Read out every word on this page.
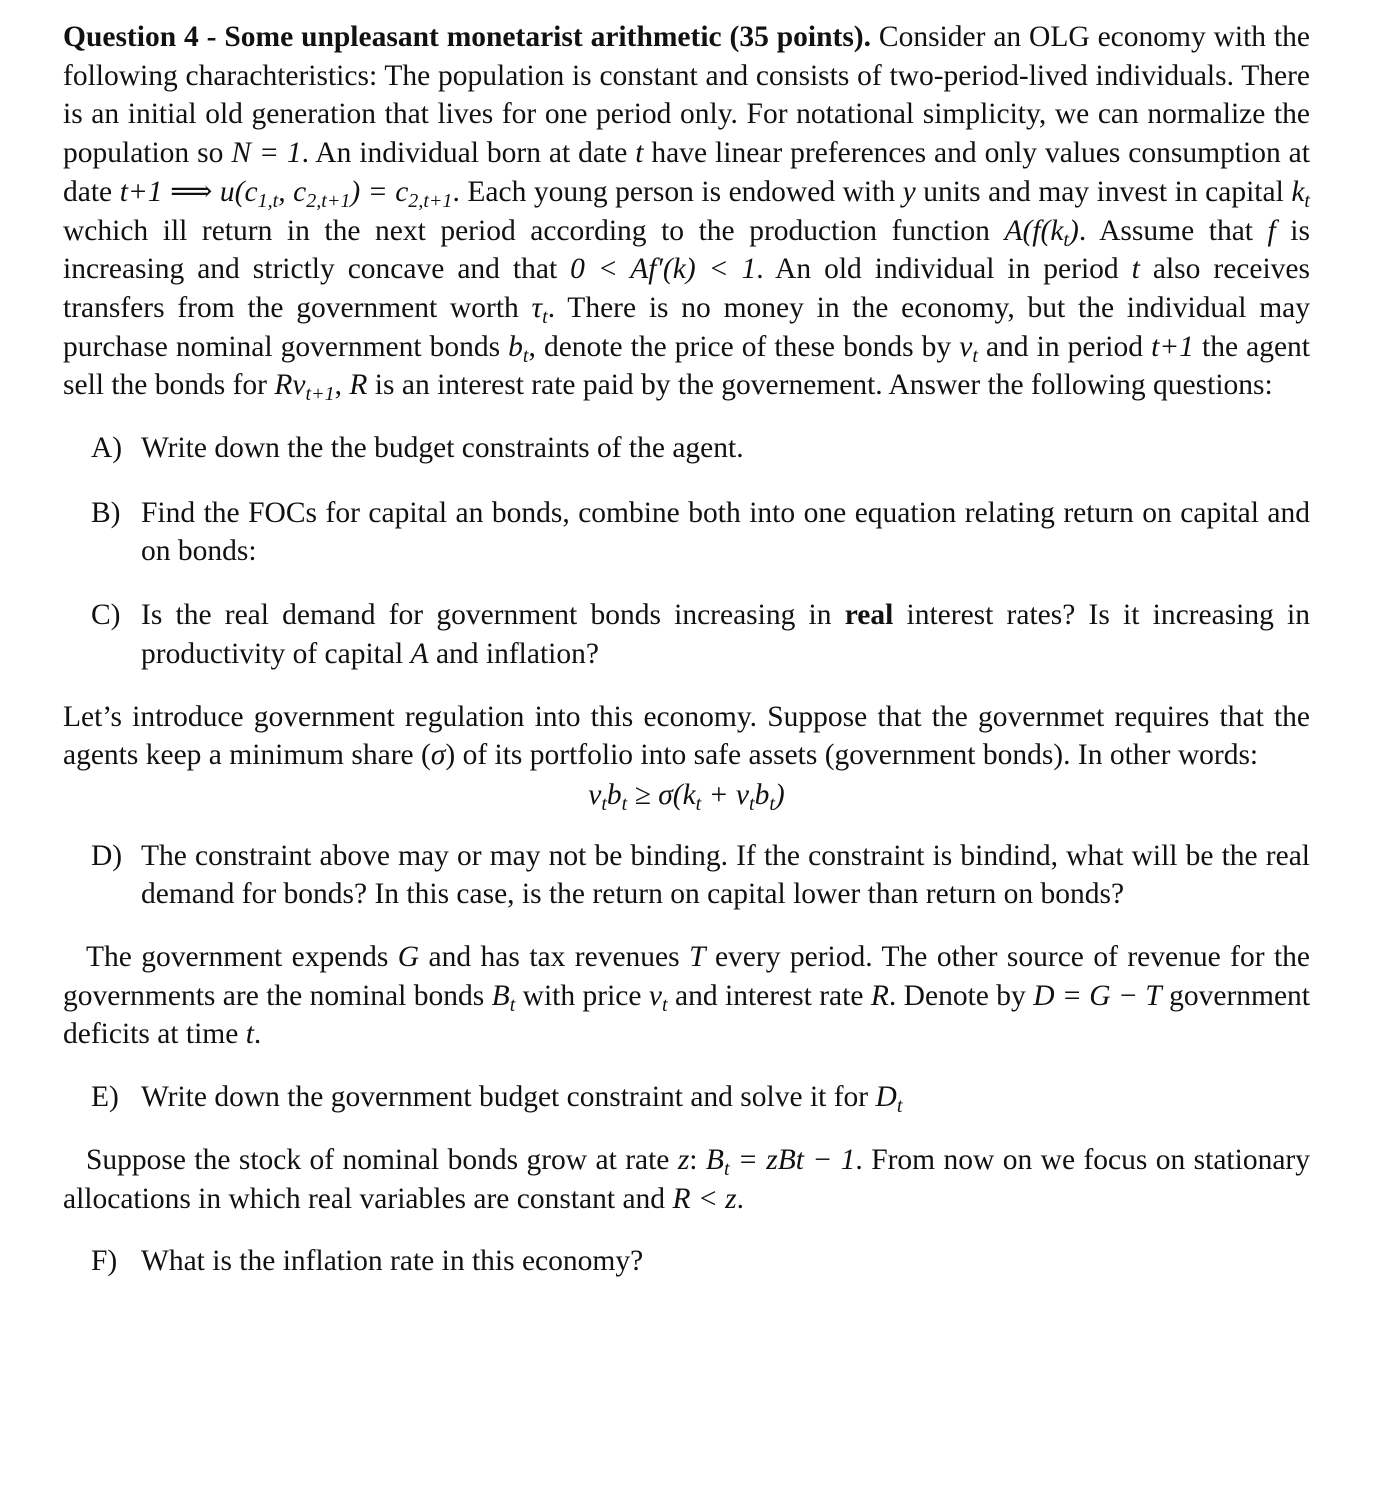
Question 4 - Some unpleasant monetarist arithmetic (35 points). Consider an OLG economy with the following charachteristics: The population is constant and consists of two-period-lived individuals. There is an initial old generation that lives for one period only. For notational simplicity, we can normalize the population so N = 1. An individual born at date t have linear preferences and only values consumption at date t+1 ⟹ $u(c_{1,t}$, $c_{2,t+1}) = c_{2,t+1}$. Each young person is endowed with y units and may invest in capital $k_t$ wchich ill return in the next period according to the production function $A(f(k_t)$. Assume that f is increasing and strictly concave and that 0 < Af′(k) < 1. An old individual in period t also receives transfers from the government worth $\tau_t$. There is no money in the economy, but the individual may purchase nominal government bonds $b_t$, denote the price of these bonds by $v_t$ and in period t+1 the agent sell the bonds for $Rv_{t+1}$, R is an interest rate paid by the governement. Answer the following questions:

A) Write down the the budget constraints of the agent.
B) Find the FOCs for capital an bonds, combine both into one equation relating return on capital and on bonds:
C) Is the real demand for government bonds increasing in real interest rates? Is it increasing in productivity of capital A and inflation?

Let’s introduce government regulation into this economy. Suppose that the governmet requires that the agents keep a minimum share (σ) of its portfolio into safe assets (government bonds). In other words:

$v_tb_t \ge \sigma(k_t + v_tb_t)$
D) The constraint above may or may not be binding. If the constraint is bindind, what will be the real demand for bonds? In this case, is the return on capital lower than return on bonds?

The government expends G and has tax revenues T every period. The other source of revenue for the governments are the nominal bonds $B_t$ with price $v_t$ and interest rate R. Denote by D = G − T government deficits at time t.

E) Write down the government budget constraint and solve it for $D_t$

Suppose the stock of nominal bonds grow at rate z: $B_t$ = zBt − 1. From now on we focus on stationary allocations in which real variables are constant and R < z.

F) What is the inflation rate in this economy?
